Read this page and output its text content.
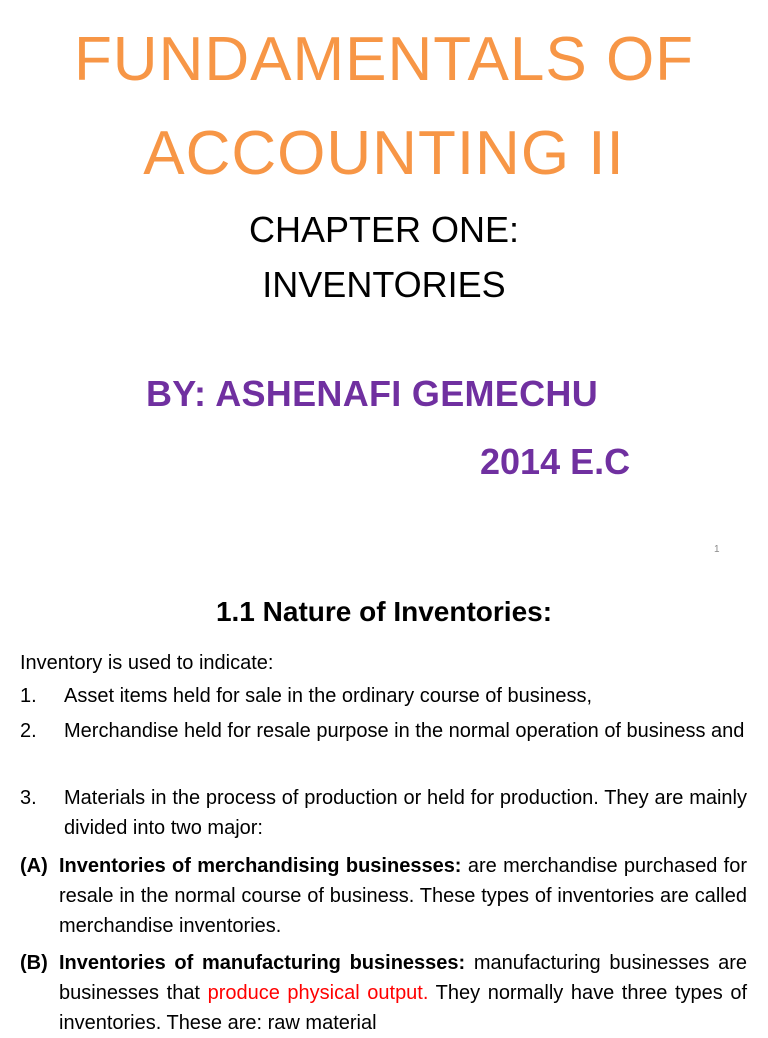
FUNDAMENTALS OF
ACCOUNTING II
CHAPTER ONE:
INVENTORIES
BY: ASHENAFI GEMECHU
2014 E.C
1
1.1 Nature of Inventories:
Inventory is used to indicate:
1. Asset items held for sale in the ordinary course of business,
2. Merchandise held for resale purpose in the normal operation of business and
3. Materials in the process of production or held for production. They are mainly divided into two major:
(A) Inventories of merchandising businesses: are merchandise purchased for resale in the normal course of business. These types of inventories are called merchandise inventories.
(B) Inventories of manufacturing businesses: manufacturing businesses are businesses that produce physical output. They normally have three types of inventories. These are: raw material
